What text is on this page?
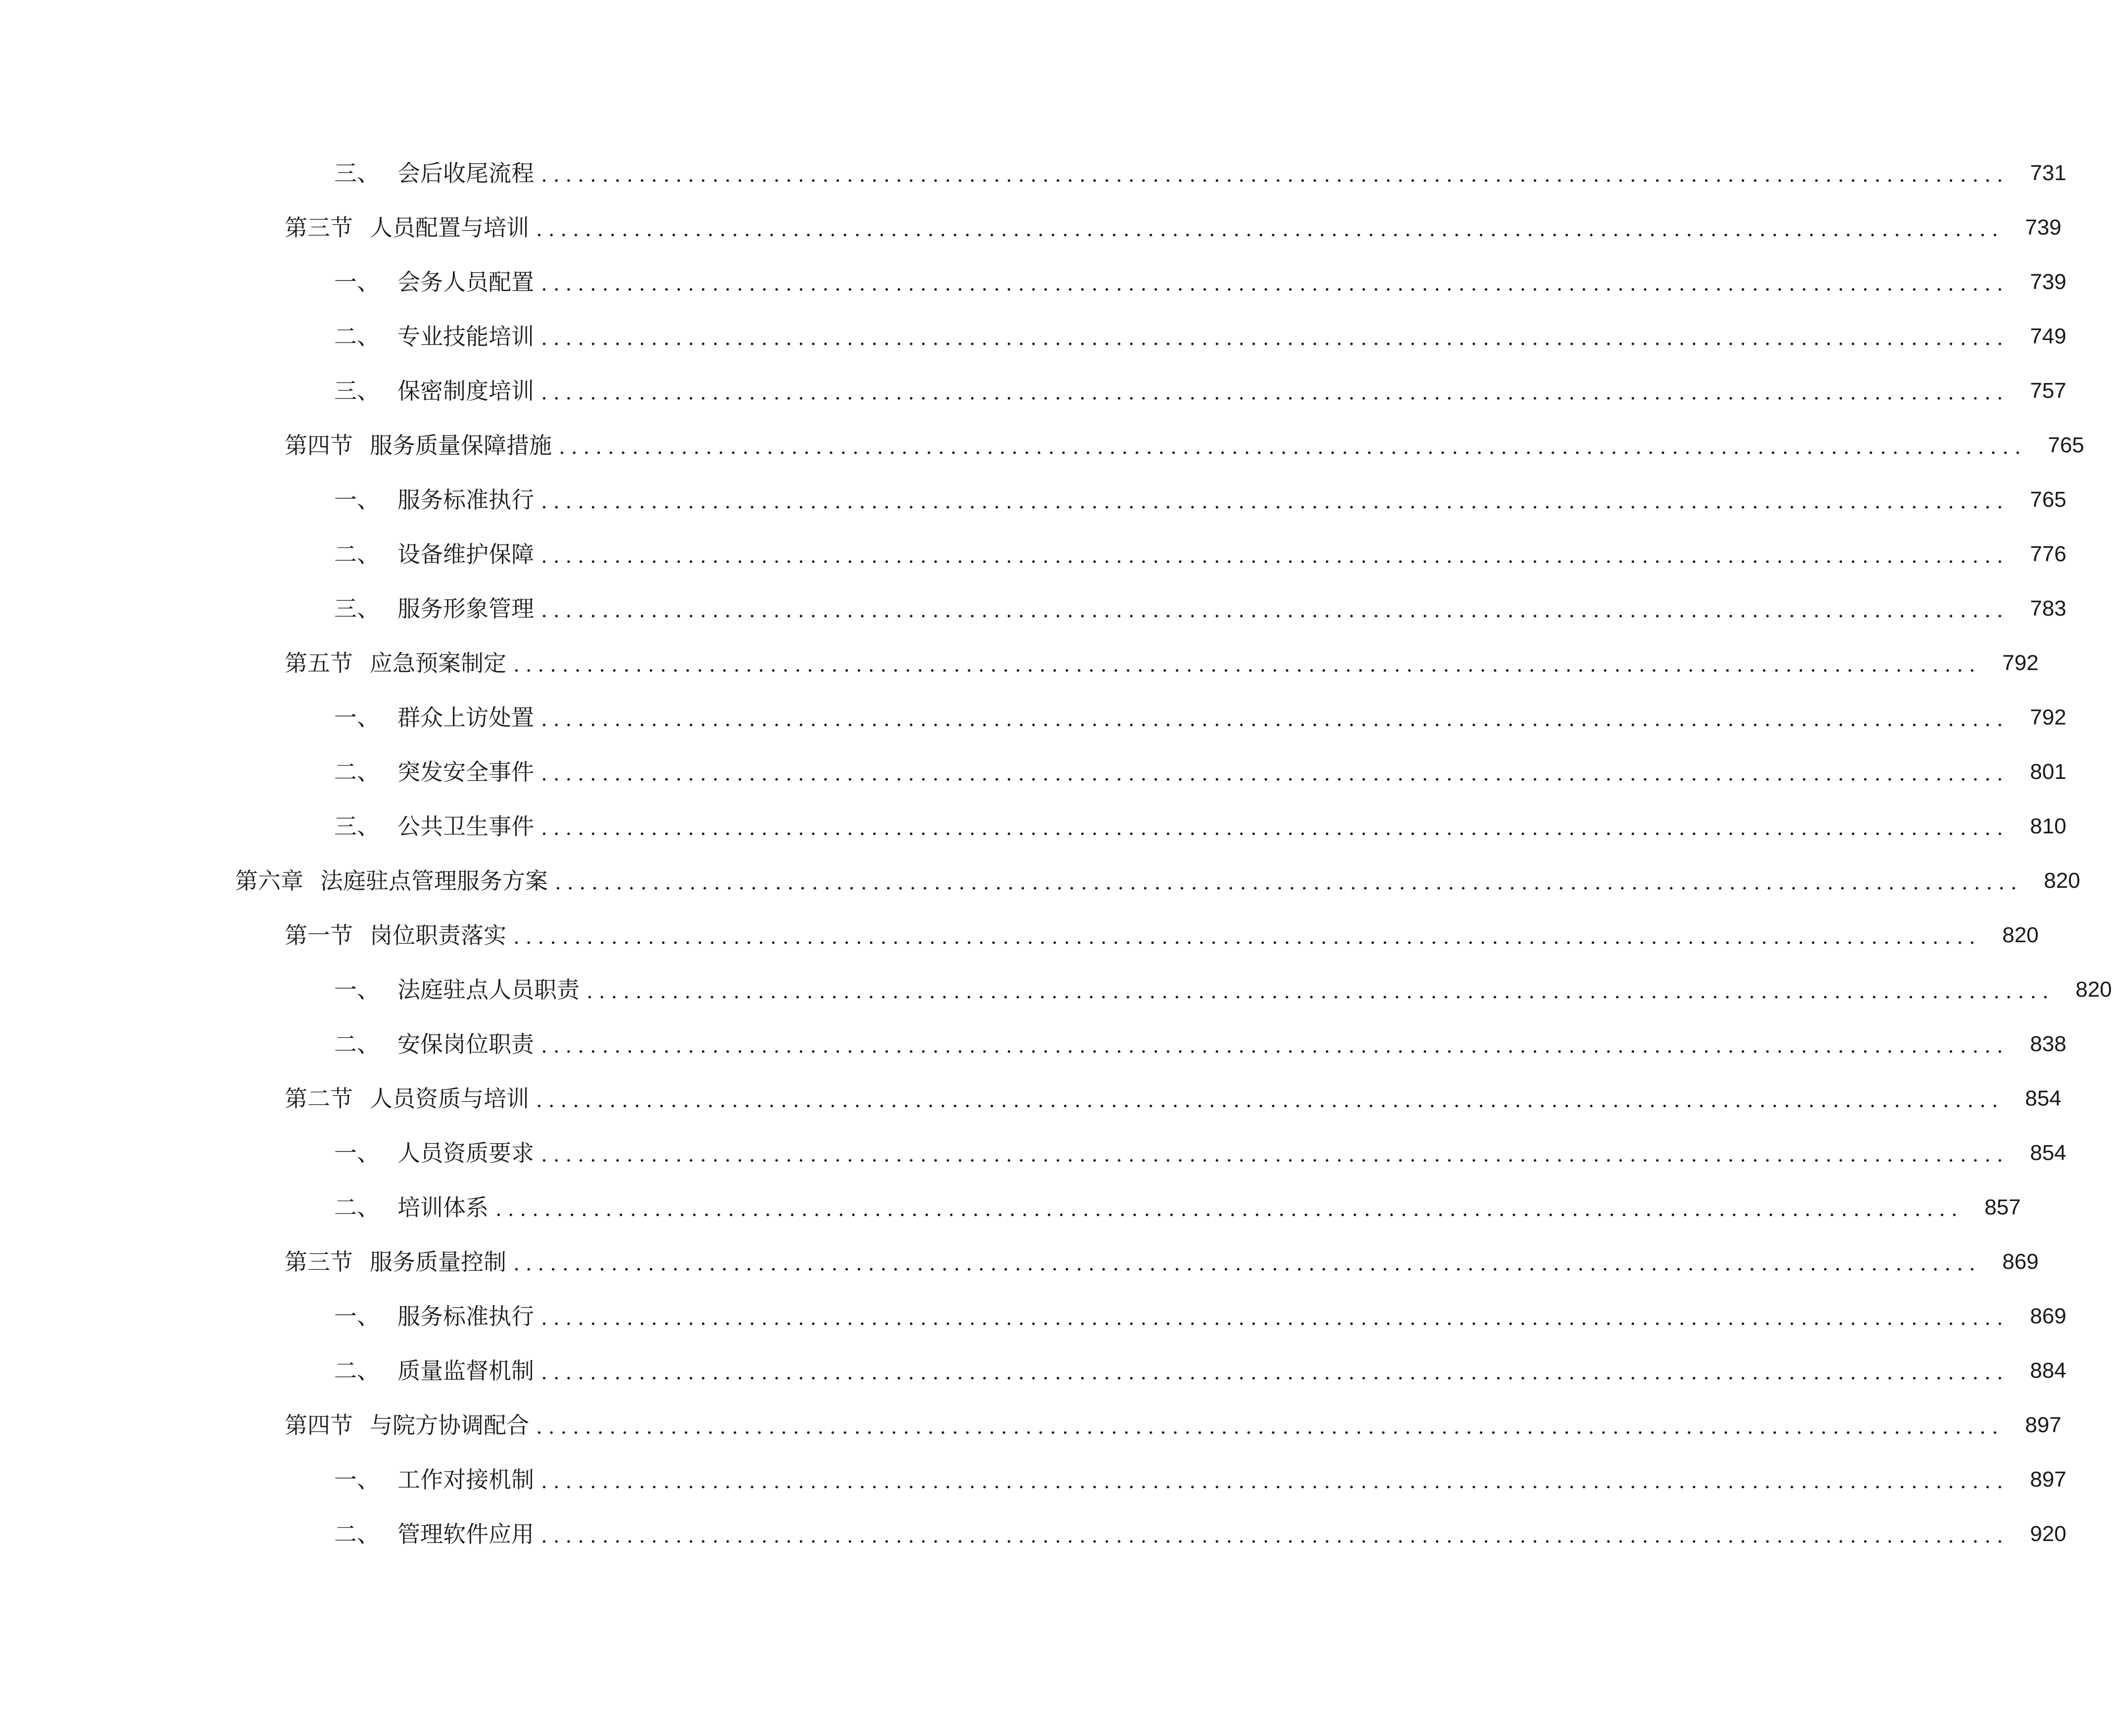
三、 会后收尾流程 ........................................................................................................................ 731
第三节 人员配置与培训 ........................................................................................................................ 739
一、 会务人员配置 ........................................................................................................................ 739
二、 专业技能培训 ........................................................................................................................ 749
三、 保密制度培训 ........................................................................................................................ 757
第四节 服务质量保障措施 ........................................................................................................................ 765
一、 服务标准执行 ........................................................................................................................ 765
二、 设备维护保障 ........................................................................................................................ 776
三、 服务形象管理 ........................................................................................................................ 783
第五节 应急预案制定 ........................................................................................................................ 792
一、 群众上访处置 ........................................................................................................................ 792
二、 突发安全事件 ........................................................................................................................ 801
三、 公共卫生事件 ........................................................................................................................ 810
第六章 法庭驻点管理服务方案 ........................................................................................................................ 820
第一节 岗位职责落实 ........................................................................................................................ 820
一、 法庭驻点人员职责 ........................................................................................................................ 820
二、 安保岗位职责 ........................................................................................................................ 838
第二节 人员资质与培训 ........................................................................................................................ 854
一、 人员资质要求 ........................................................................................................................ 854
二、 培训体系 ........................................................................................................................ 857
第三节 服务质量控制 ........................................................................................................................ 869
一、 服务标准执行 ........................................................................................................................ 869
二、 质量监督机制 ........................................................................................................................ 884
第四节 与院方协调配合 ........................................................................................................................ 897
一、 工作对接机制 ........................................................................................................................ 897
二、 管理软件应用 ........................................................................................................................ 920
